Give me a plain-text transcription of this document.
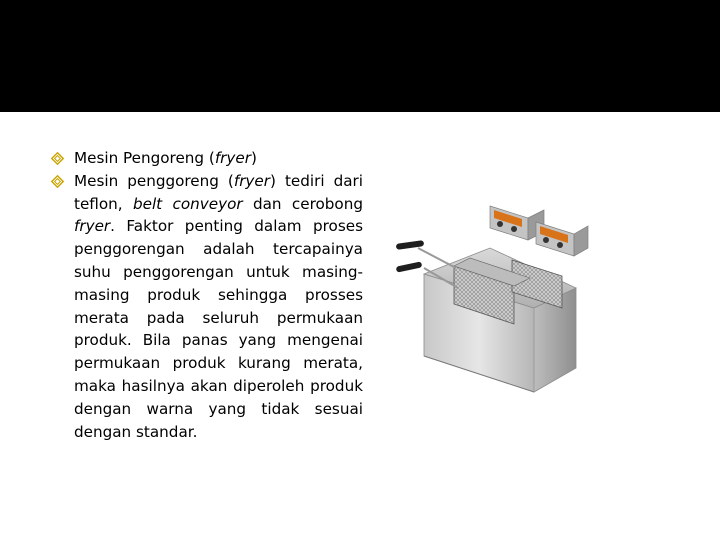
Mesin Pengoreng (fryer)
Mesin penggoreng (fryer) tediri dari teflon, belt conveyor dan cerobong fryer. Faktor penting dalam proses penggorengan adalah tercapainya suhu penggorengan untuk masing-masing produk sehingga prosses merata pada seluruh permukaan produk. Bila panas yang mengenai permukaan produk kurang merata, maka hasilnya akan diperoleh produk dengan warna yang tidak sesuai dengan standar.
